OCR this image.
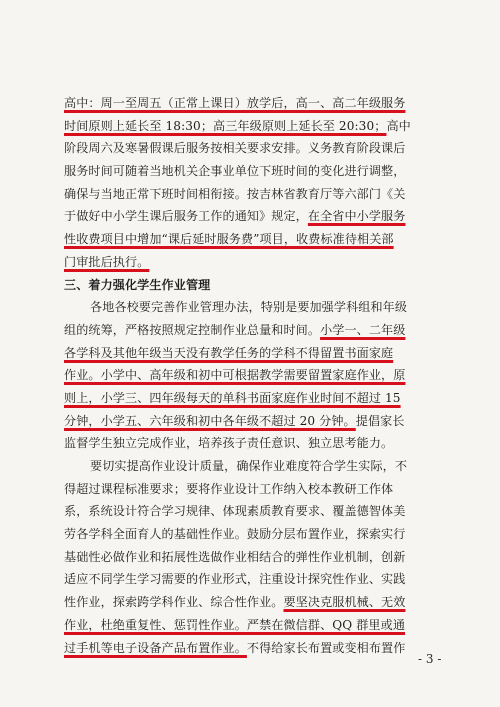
高中：周一至周五（正常上课日）放学后，高一、高二年级服务
时间原则上延长至 18:30；高三年级原则上延长至 20:30；高中
阶段周六及寒暑假课后服务按相关要求安排。义务教育阶段课后
服务时间可随着当地机关企事业单位下班时间的变化进行调整，
确保与当地正常下班时间相衔接。按吉林省教育厅等六部门《关
于做好中小学生课后服务工作的通知》规定，在全省中小学服务
性收费项目中增加“课后延时服务费”项目，收费标准待相关部
门审批后执行。
三、着力强化学生作业管理
各地各校要完善作业管理办法，特别是要加强学科组和年级
组的统筹，严格按照规定控制作业总量和时间。小学一、二年级
各学科及其他年级当天没有教学任务的学科不得留置书面家庭
作业。小学中、高年级和初中可根据教学需要留置家庭作业，原
则上，小学三、四年级每天的单科书面家庭作业时间不超过 15
分钟，小学五、六年级和初中各年级不超过 20 分钟。提倡家长
监督学生独立完成作业，培养孩子责任意识、独立思考能力。
要切实提高作业设计质量，确保作业难度符合学生实际，不
得超过课程标准要求；要将作业设计工作纳入校本教研工作体
系，系统设计符合学习规律、体现素质教育要求、覆盖德智体美
劳各学科全面育人的基础性作业。鼓励分层布置作业，探索实行
基础性必做作业和拓展性选做作业相结合的弹性作业机制，创新
适应不同学生学习需要的作业形式，注重设计探究性作业、实践
性作业，探索跨学科作业、综合性作业。要坚决克服机械、无效
作业，杜绝重复性、惩罚性作业。严禁在微信群、QQ 群里或通
过手机等电子设备产品布置作业。不得给家长布置或变相布置作
- 3 -
